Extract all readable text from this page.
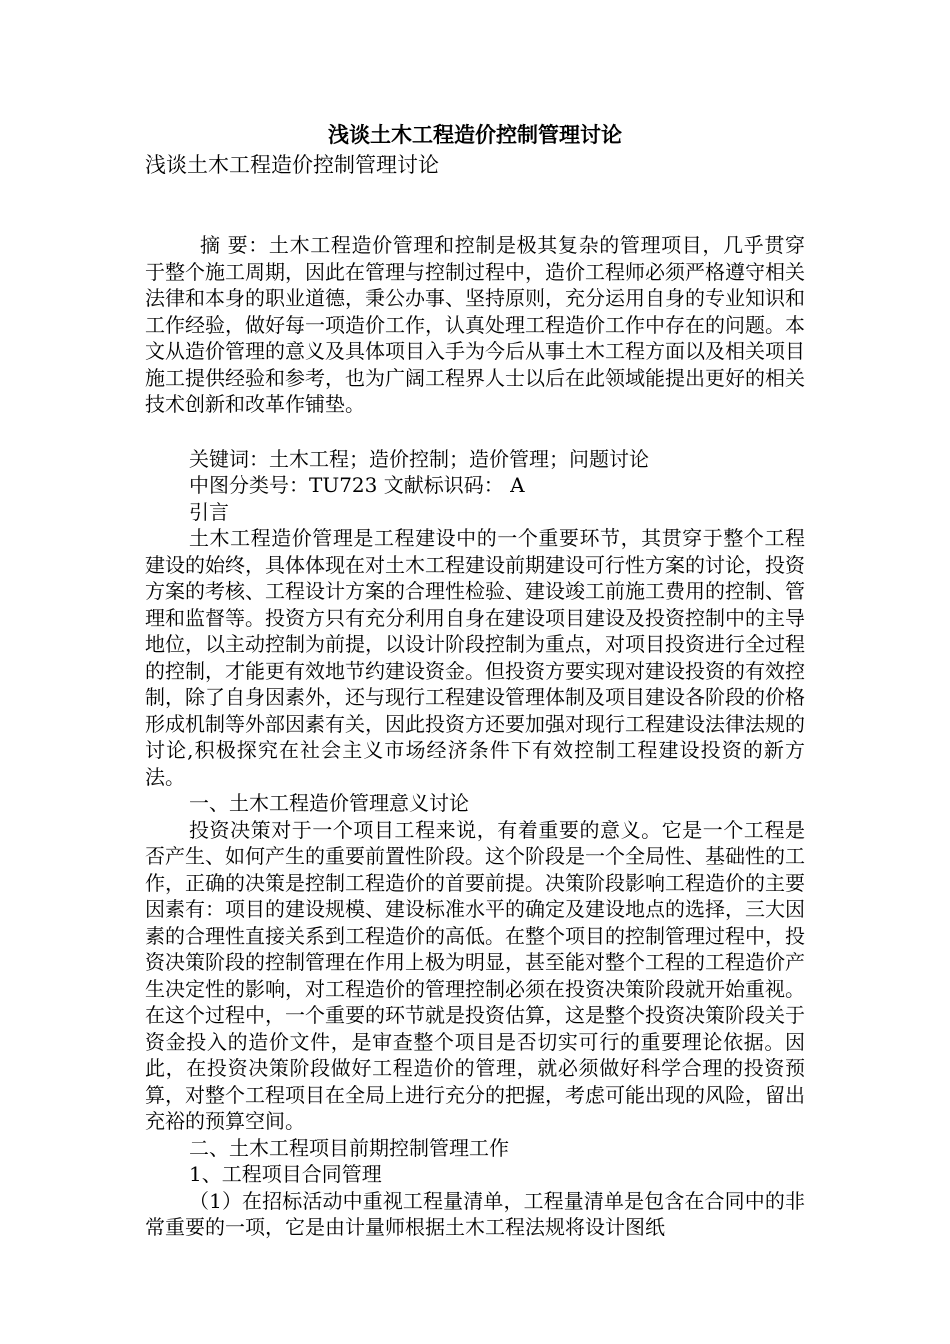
浅谈土木工程造价控制管理讨论

浅谈土木工程造价控制管理讨论

摘 要：土木工程造价管理和控制是极其复杂的管理项目，几乎贯穿于整个施工周期，因此在管理与控制过程中，造价工程师必须严格遵守相关法律和本身的职业道德，秉公办事、坚持原则，充分运用自身的专业知识和工作经验，做好每一项造价工作，认真处理工程造价工作中存在的问题。本文从造价管理的意义及具体项目入手为今后从事土木工程方面以及相关项目施工提供经验和参考，也为广阔工程界人士以后在此领域能提出更好的相关技术创新和改革作铺垫。

关键词：土木工程；造价控制；造价管理；问题讨论

中图分类号：TU723 文献标识码： A

引言

土木工程造价管理是工程建设中的一个重要环节，其贯穿于整个工程建设的始终，具体体现在对土木工程建设前期建设可行性方案的讨论，投资方案的考核、工程设计方案的合理性检验、建设竣工前施工费用的控制、管理和监督等。投资方只有充分利用自身在建设项目建设及投资控制中的主导地位，以主动控制为前提，以设计阶段控制为重点，对项目投资进行全过程的控制，才能更有效地节约建设资金。但投资方要实现对建设投资的有效控制，除了自身因素外，还与现行工程建设管理体制及项目建设各阶段的价格形成机制等外部因素有关，因此投资方还要加强对现行工程建设法律法规的讨论,积极探究在社会主义市场经济条件下有效控制工程建设投资的新方法。

一、土木工程造价管理意义讨论

投资决策对于一个项目工程来说，有着重要的意义。它是一个工程是否产生、如何产生的重要前置性阶段。这个阶段是一个全局性、基础性的工作，正确的决策是控制工程造价的首要前提。决策阶段影响工程造价的主要因素有：项目的建设规模、建设标准水平的确定及建设地点的选择，三大因素的合理性直接关系到工程造价的高低。在整个项目的控制管理过程中，投资决策阶段的控制管理在作用上极为明显，甚至能对整个工程的工程造价产生决定性的影响，对工程造价的管理控制必须在投资决策阶段就开始重视。在这个过程中，一个重要的环节就是投资估算，这是整个投资决策阶段关于资金投入的造价文件，是审查整个项目是否切实可行的重要理论依据。因此，在投资决策阶段做好工程造价的管理，就必须做好科学合理的投资预算，对整个工程项目在全局上进行充分的把握，考虑可能出现的风险，留出充裕的预算空间。

二、土木工程项目前期控制管理工作

1、工程项目合同管理

（1）在招标活动中重视工程量清单，工程量清单是包含在合同中的非常重要的一项，它是由计量师根据土木工程法规将设计图纸
